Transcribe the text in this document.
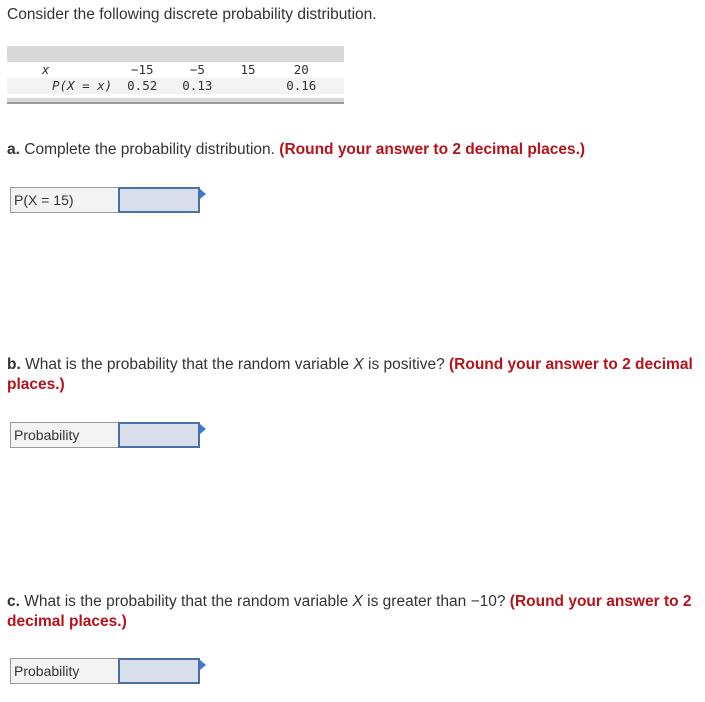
Consider the following discrete probability distribution.
x	−15	−5	15	20	
P(X = x)	0.52	0.13		0.16	
a. Complete the probability distribution. (Round your answer to 2 decimal places.)
P(X = 15)
b. What is the probability that the random variable X is positive? (Round your answer to 2 decimal places.)
Probability
c. What is the probability that the random variable X is greater than −10? (Round your answer to 2 decimal places.)
Probability
